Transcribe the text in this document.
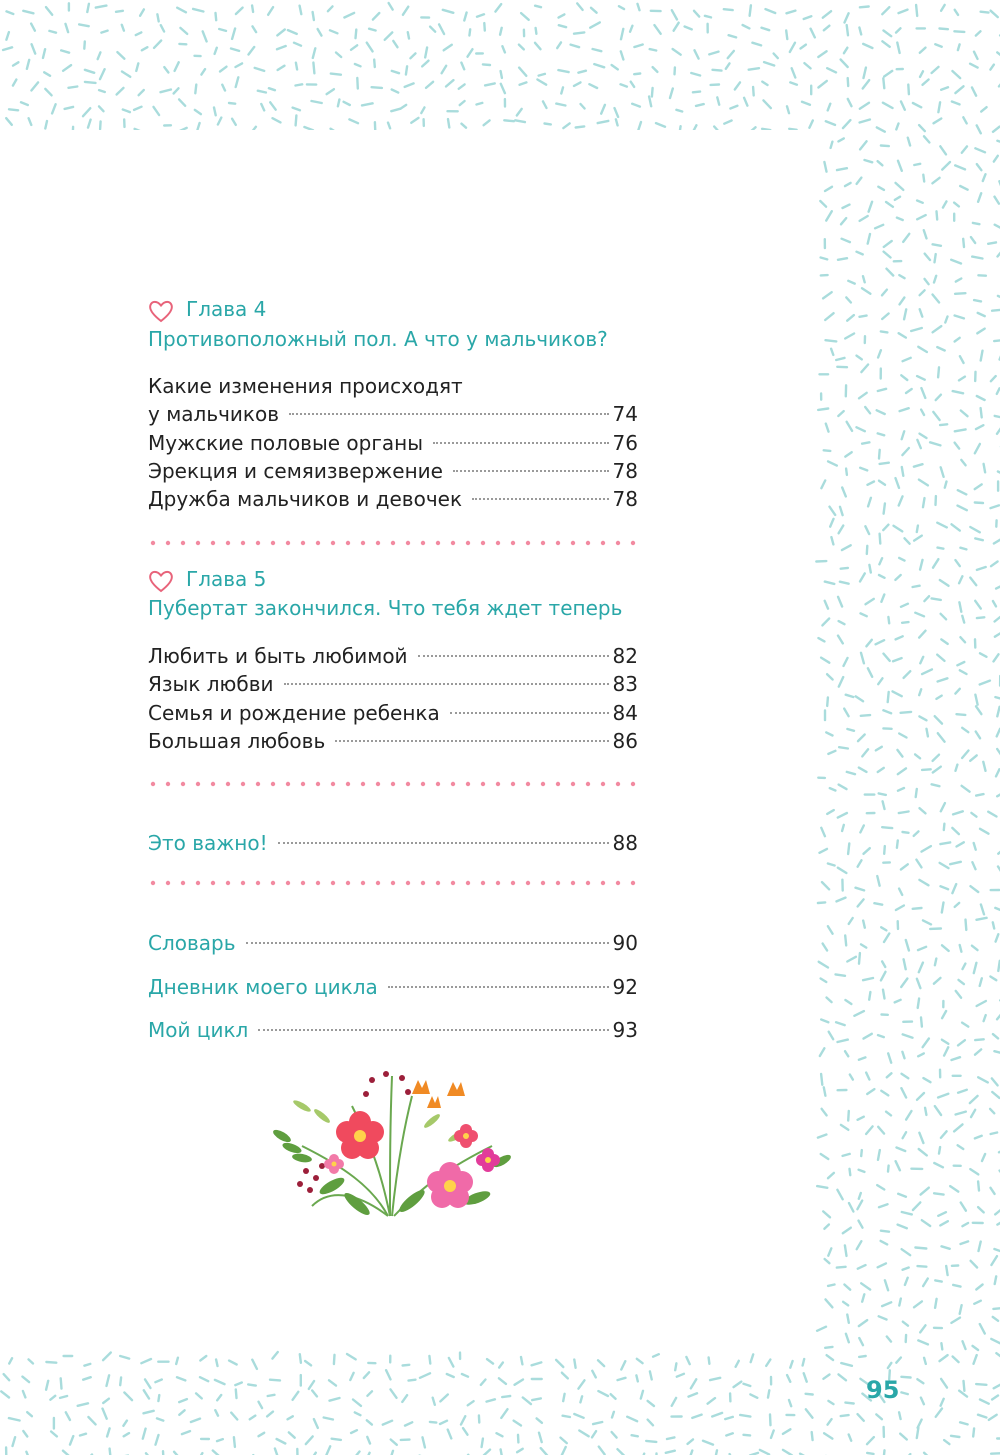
Глава 4
Противоположный пол. А что у мальчиков?
Какие изменения происходят
у мальчиков	74
Мужские половые органы	76
Эрекция и семяизвержение	78
Дружба мальчиков и девочек	78
Глава 5
Пубертат закончился. Что тебя ждет теперь
Любить и быть любимой	82
Язык любви	83
Семья и рождение ребенка	84
Большая любовь	86
Это важно!	88
Словарь	90
Дневник моего цикла	92
Мой цикл	93
95
